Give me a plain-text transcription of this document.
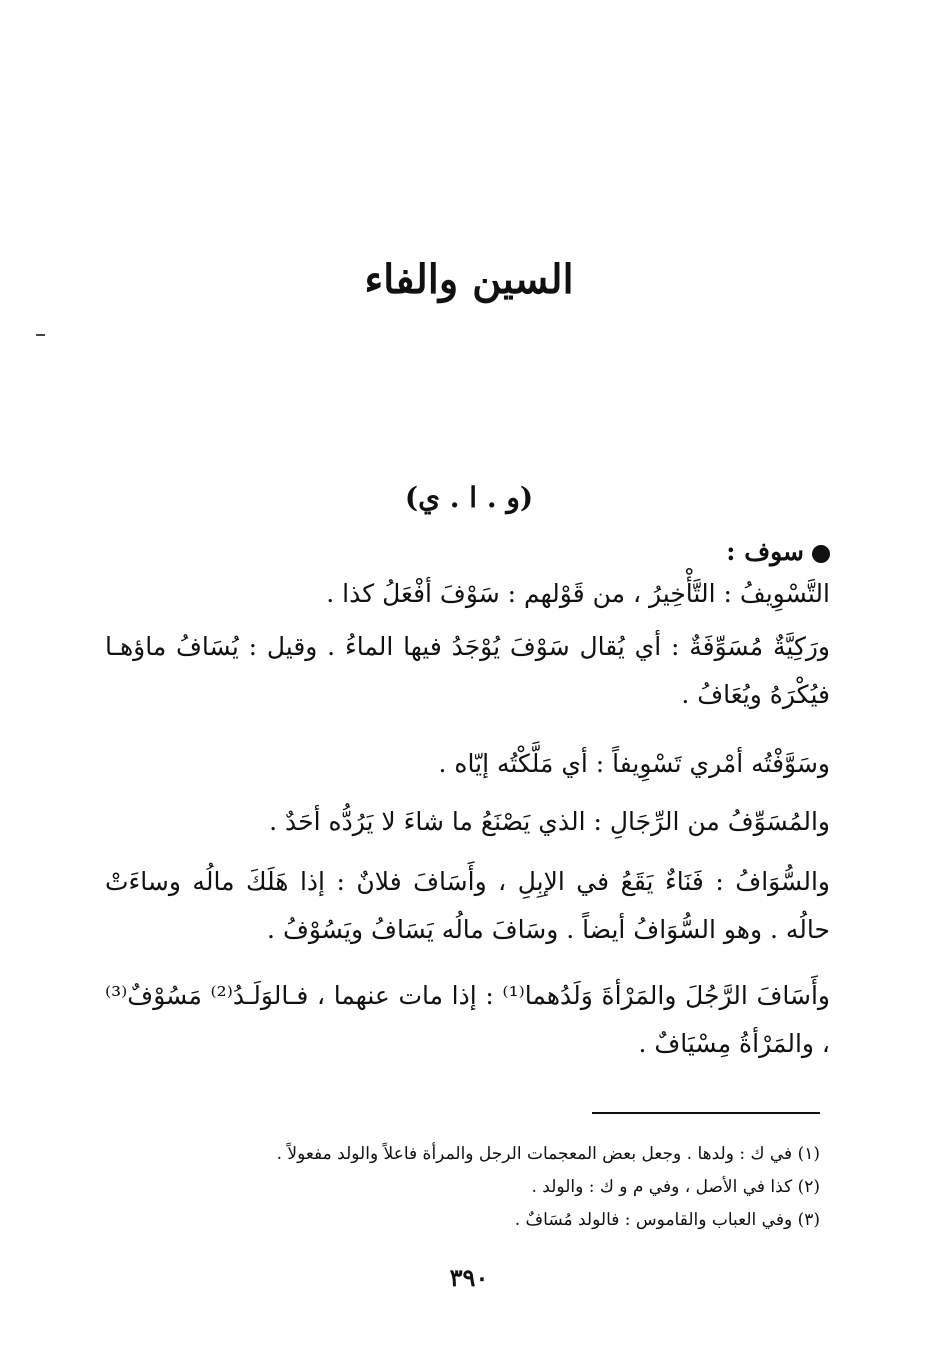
السين والفاء
(و . ا . ي)
سوف :
التَّسْوِيفُ : التَّأْخِيرُ ، من قَوْلهم : سَوْفَ أفْعَلُ كذا .
ورَكِيَّةٌ مُسَوِّفَةٌ : أي يُقال سَوْفَ يُوْجَدُ فيها الماءُ . وقيل : يُسَافُ ماؤهـا فيُكْرَهُ ويُعَافُ .
وسَوَّفْتُه أمْري تَسْوِيفاً : أي مَلَّكْتُه إيّاه .
والمُسَوِّفُ من الرِّجَالِ : الذي يَصْنَعُ ما شاءَ لا يَرُدُّه أحَدٌ .
والسُّوَافُ : فَنَاءٌ يَقَعُ في الإبِلِ ، وأَسَافَ فلانٌ : إذا هَلَكَ مالُه وساءَتْ حالُه . وهو السُّوَافُ أيضاً . وسَافَ مالُه يَسَافُ ويَسُوْفُ .
وأَسَافَ الرَّجُلَ والمَرْأةَ وَلَدُهما⁽¹⁾ : إذا مات عنهما ، فـالوَلَـدُ⁽²⁾ مَسُوْفٌ⁽³⁾ ، والمَرْأةُ مِسْيَافٌ .

(١) في ك : ولدها . وجعل بعض المعجمات الرجل والمرأة فاعلاً والولد مفعولاً .

(٢) كذا في الأصل ، وفي م و ك : والولد .

(٣) وفي العباب والقاموس : فالولد مُسَافٌ .

٣٩٠
